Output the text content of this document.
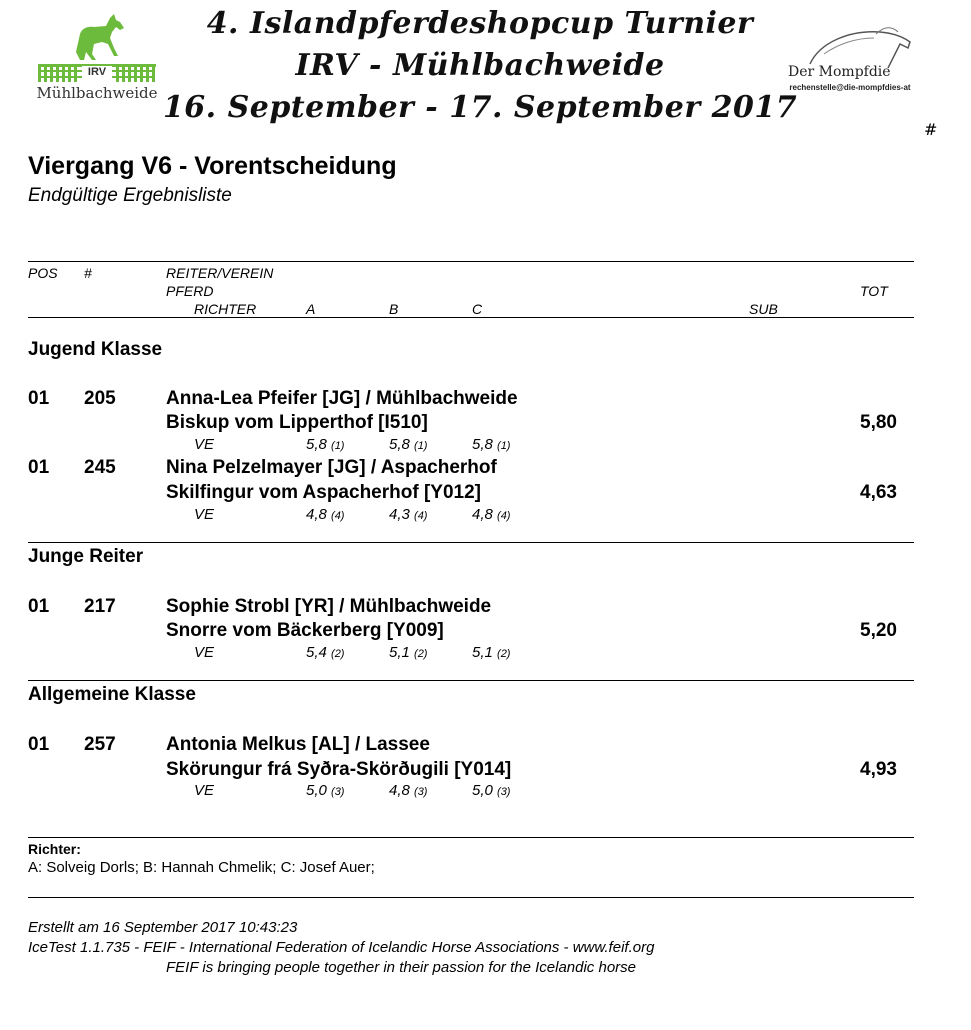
IRV
Mühlbachweide
4. Islandpferdeshopcup Turnier
IRV - Mühlbachweide
16. September - 17. September 2017
Der Mompfdie
rechenstelle@die-mompfdies-at
#
Viergang V6 - Vorentscheidung
Endgültige Ergebnisliste
POS #	REITER/VEREIN
PFERD	TOT
RICHTER	A	B	C	SUB
Jugend Klasse
01 205	Anna-Lea Pfeifer [JG] / Mühlbachweide
Biskup vom Lipperthof [I510]	5,80
VE	5,8 (1)	5,8 (1)	5,8 (1)
01 245	Nina Pelzelmayer [JG] / Aspacherhof
Skilfingur vom Aspacherhof [Y012]	4,63
VE	4,8 (4)	4,3 (4)	4,8 (4)
Junge Reiter
01 217	Sophie Strobl [YR] / Mühlbachweide
Snorre vom Bäckerberg [Y009]	5,20
VE	5,4 (2)	5,1 (2)	5,1 (2)
Allgemeine Klasse
01 257	Antonia Melkus [AL] / Lassee
Skörungur frá Syðra-Skörðugili [Y014]	4,93
VE	5,0 (3)	4,8 (3)	5,0 (3)
Richter:
A: Solveig Dorls; B: Hannah Chmelik; C: Josef Auer;
Erstellt am 16 September 2017 10:43:23
IceTest 1.1.735 - FEIF - International Federation of Icelandic Horse Associations - www.feif.org
FEIF is bringing people together in their passion for the Icelandic horse
